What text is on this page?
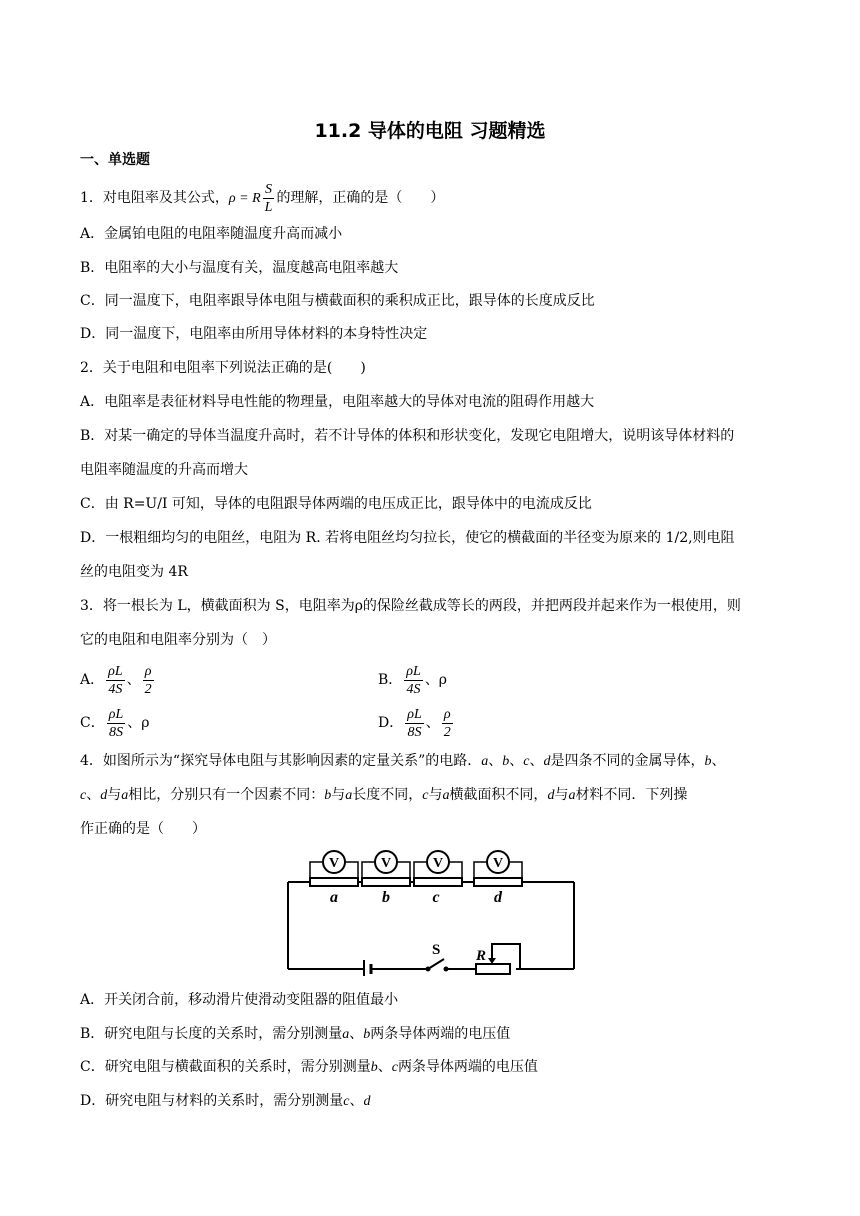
11.2 导体的电阻 习题精选
一、单选题
1．对电阻率及其公式，ρ = R $\frac{S}{L}$ 的理解，正确的是（　　）
A．金属铂电阻的电阻率随温度升高而减小
B．电阻率的大小与温度有关，温度越高电阻率越大
C．同一温度下，电阻率跟导体电阻与横截面积的乘积成正比，跟导体的长度成反比
D．同一温度下，电阻率由所用导体材料的本身特性决定
2．关于电阻和电阻率下列说法正确的是(　　)
A．电阻率是表征材料导电性能的物理量，电阻率越大的导体对电流的阻碍作用越大
B．对某一确定的导体当温度升高时，若不计导体的体积和形状变化，发现它电阻增大，说明该导体材料的
电阻率随温度的升高而增大
C．由 R=U/I 可知，导体的电阻跟导体两端的电压成正比，跟导体中的电流成反比
D．一根粗细均匀的电阻丝，电阻为 R. 若将电阻丝均匀拉长，使它的横截面的半径变为原来的 1/2,则电阻
丝的电阻变为 4R
3．将一根长为 L，横截面积为 S，电阻率为ρ的保险丝截成等长的两段，并把两段并起来作为一根使用，则
它的电阻和电阻率分别为（　）
A． $\frac{\rho L}{4S}$ 、 $\frac{\rho}{2}$	B． $\frac{\rho L}{4S}$ 、ρ
C． $\frac{\rho L}{8S}$ 、ρ	D． $\frac{\rho L}{8S}$ 、 $\frac{\rho}{2}$
4．如图所示为“探究导体电阻与其影响因素的定量关系”的电路．a、b、c、d是四条不同的金属导体，b、
c、d与a相比，分别只有一个因素不同：b与a长度不同，c与a横截面积不同，d与a材料不同．下列操
作正确的是（　　）
V	V	V	V
a	b	c	d
S R
A．开关闭合前，移动滑片使滑动变阻器的阻值最小
B．研究电阻与长度的关系时，需分别测量a、b两条导体两端的电压值
C．研究电阻与横截面积的关系时，需分别测量b、c两条导体两端的电压值
D．研究电阻与材料的关系时，需分别测量c、d
